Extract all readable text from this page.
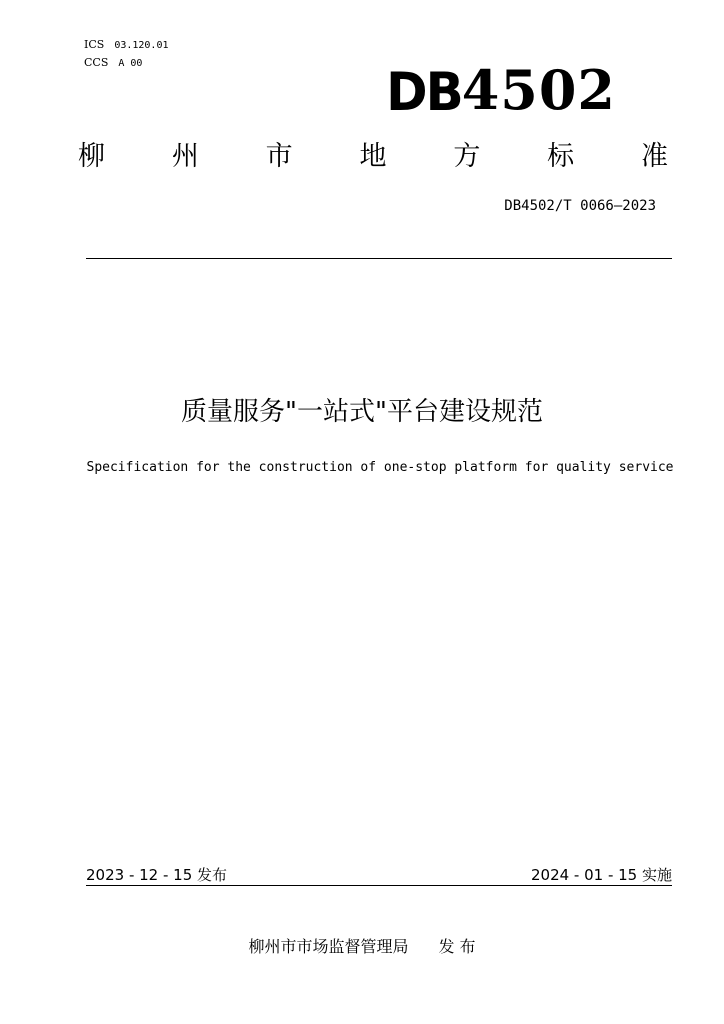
ICS 03.120.01
CCS A 00	DB4502
柳 州 市 地 方 标 准
DB4502/T 0066—2023
质量服务"一站式"平台建设规范
Specification for the construction of one-stop platform for quality service
2023 - 12 - 15 发布	2024 - 01 - 15 实施
柳州市市场监督管理局 发 布
